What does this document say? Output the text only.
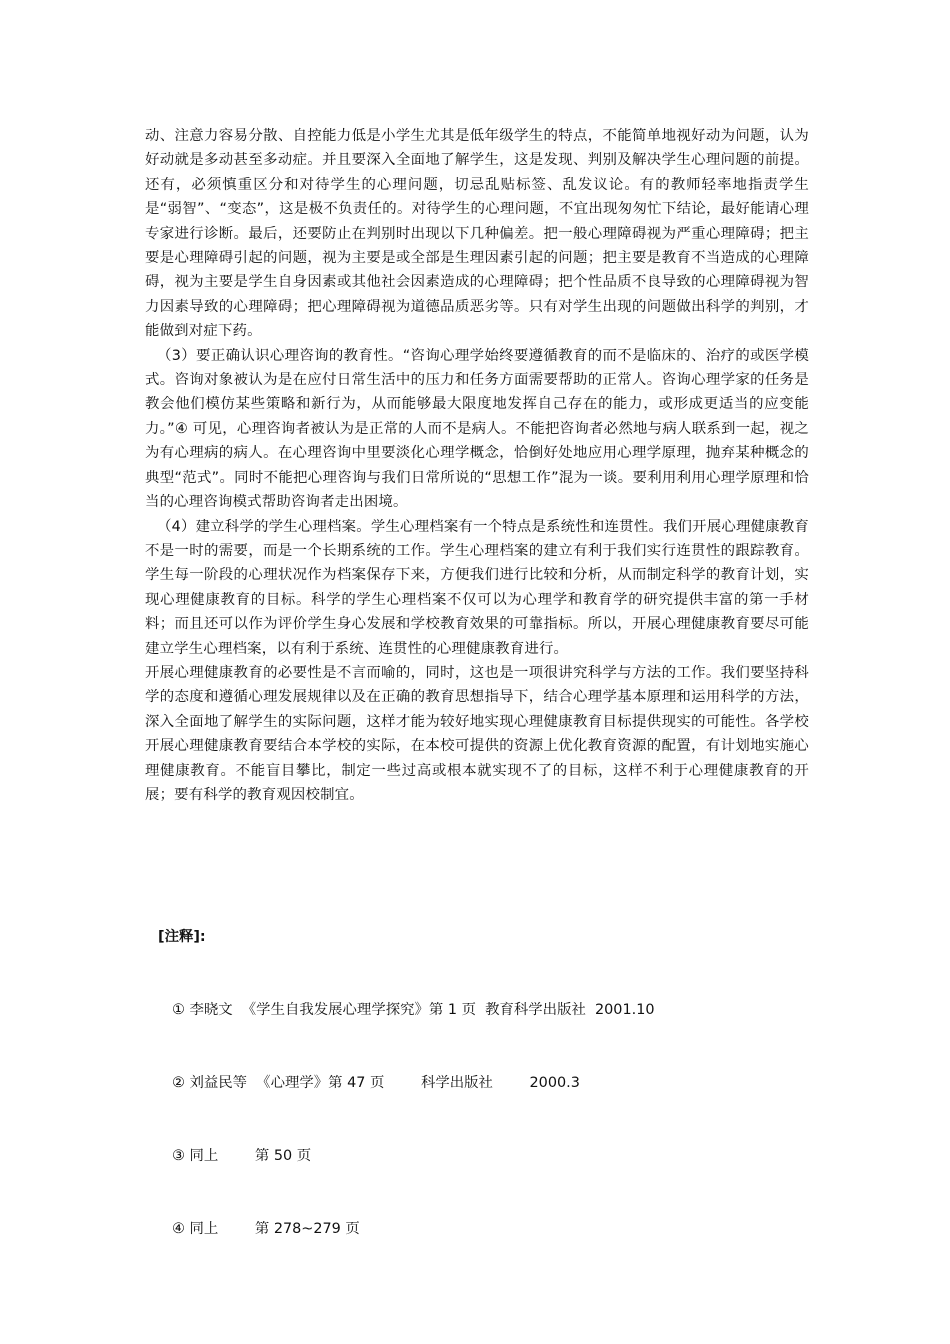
动、注意力容易分散、自控能力低是小学生尤其是低年级学生的特点，不能简单地视好动为问题，认为好动就是多动甚至多动症。并且要深入全面地了解学生，这是发现、判别及解决学生心理问题的前提。还有，必须慎重区分和对待学生的心理问题，切忌乱贴标签、乱发议论。有的教师轻率地指责学生是“弱智”、“变态”，这是极不负责任的。对待学生的心理问题，不宜出现匆匆忙下结论，最好能请心理专家进行诊断。最后，还要防止在判别时出现以下几种偏差。把一般心理障碍视为严重心理障碍；把主要是心理障碍引起的问题，视为主要是或全部是生理因素引起的问题；把主要是教育不当造成的心理障碍，视为主要是学生自身因素或其他社会因素造成的心理障碍；把个性品质不良导致的心理障碍视为智力因素导致的心理障碍；把心理障碍视为道德品质恶劣等。只有对学生出现的问题做出科学的判别，才能做到对症下药。

（3）要正确认识心理咨询的教育性。“咨询心理学始终要遵循教育的而不是临床的、治疗的或医学模式。咨询对象被认为是在应付日常生活中的压力和任务方面需要帮助的正常人。咨询心理学家的任务是教会他们模仿某些策略和新行为，从而能够最大限度地发挥自己存在的能力，或形成更适当的应变能力。”④ 可见，心理咨询者被认为是正常的人而不是病人。不能把咨询者必然地与病人联系到一起，视之为有心理病的病人。在心理咨询中里要淡化心理学概念，恰倒好处地应用心理学原理，抛弃某种概念的典型“范式”。同时不能把心理咨询与我们日常所说的“思想工作”混为一谈。要利用利用心理学原理和恰当的心理咨询模式帮助咨询者走出困境。

（4）建立科学的学生心理档案。学生心理档案有一个特点是系统性和连贯性。我们开展心理健康教育不是一时的需要，而是一个长期系统的工作。学生心理档案的建立有利于我们实行连贯性的跟踪教育。学生每一阶段的心理状况作为档案保存下来，方便我们进行比较和分析，从而制定科学的教育计划，实现心理健康教育的目标。科学的学生心理档案不仅可以为心理学和教育学的研究提供丰富的第一手材料；而且还可以作为评价学生身心发展和学校教育效果的可靠指标。所以，开展心理健康教育要尽可能建立学生心理档案，以有利于系统、连贯性的心理健康教育进行。

开展心理健康教育的必要性是不言而喻的，同时，这也是一项很讲究科学与方法的工作。我们要坚持科学的态度和遵循心理发展规律以及在正确的教育思想指导下，结合心理学基本原理和运用科学的方法，深入全面地了解学生的实际问题，这样才能为较好地实现心理健康教育目标提供现实的可能性。各学校开展心理健康教育要结合本学校的实际，在本校可提供的资源上优化教育资源的配置，有计划地实施心理健康教育。不能盲目攀比，制定一些过高或根本就实现不了的目标，这样不利于心理健康教育的开展；要有科学的教育观因校制宜。

[注释]:

① 李晓文  《学生自我发展心理学探究》第 1 页  教育科学出版社  2001.10

② 刘益民等  《心理学》第 47 页        科学出版社        2000.3

③ 同上        第 50 页

④ 同上        第 278~279 页
